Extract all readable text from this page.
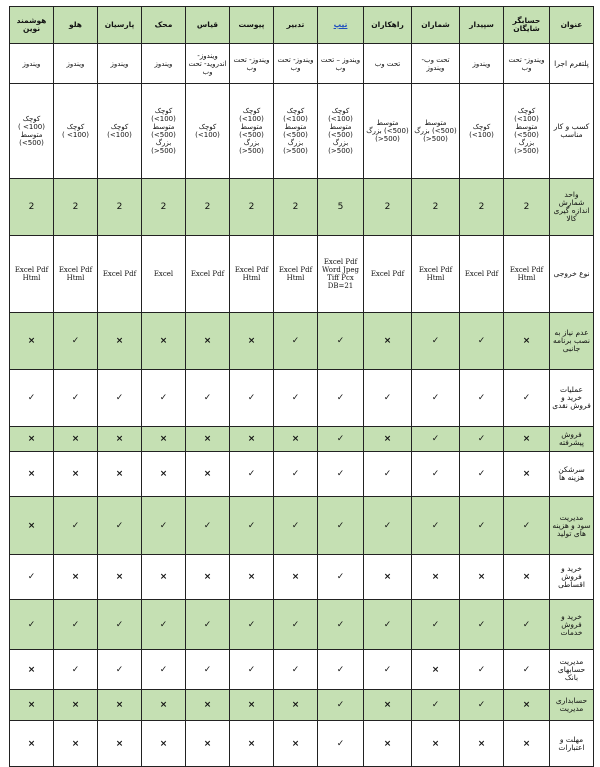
عنوان	حسابگر شایگان	سپیدار	شماران	راهکاران	تیپ	تدبیر	پیوست	قیاس	محک	پارسیان	هلو	هوشمند نوین
پلتفرم اجرا	ویندوز- تحت وب	ویندوز	تحت وب- ویندوز	تحت وب	ویندوز – تحت وب	ویندوز- تحت وب	ویندوز- تحت وب	ویندوز- اندروید- تحت وب	ویندوز	ویندوز	ویندوز	ویندوز
کسب و کار مناسب	کوچک (100>) متوسط (500>) بزرگ (500<)	کوچک (100>)	متوسط (500>) بزرگ (500<)	متوسط (500>) بزرگ (500<)	کوچک (100>) متوسط (500>) بزرگ (500<)	کوچک (100>) متوسط (500>) بزرگ (500<)	کوچک (100>) متوسط (500>) بزرگ (500<)	کوچک (100>)	کوچک (100>) متوسط (500>) بزرگ (500<)	کوچک (100>)	کوچک (100> )	کوچک (100> ) متوسط (500>)
واحد شمارش اندازه گیری کالا	2	2	2	2	5	2	2	2	2	2	2	2
نوع خروجی	Excel Pdf Html	Excel Pdf	Excel Pdf Html	Excel Pdf	Excel Pdf Word Jpeg Tiff Pcx DB=21	Excel Pdf Html	Excel Pdf Html	Excel Pdf	Excel	Excel Pdf	Excel Pdf Html	Excel Pdf Html
عدم نیاز به نصب برنامه جانبی	×	✓	✓	×	✓	✓	×	×	×	×	✓	×
عملیات خرید و فروش نقدی	✓	✓	✓	✓	✓	✓	✓	✓	✓	✓	✓	✓
فروش پیشرفته	×	✓	✓	×	✓	×	×	×	×	×	×	×
سرشکن هزینه ها	×	✓	✓	✓	✓	✓	✓	×	×	×	×	×
مدیریت سود و هزینه های تولید	✓	✓	✓	✓	✓	✓	✓	✓	✓	✓	✓	×
خرید و فروش اقساطی	×	×	×	×	✓	×	×	×	×	×	×	✓
خرید و فروش خدمات	✓	✓	✓	✓	✓	✓	✓	✓	✓	✓	✓	✓
مدیریت حسابهای بانک	✓	✓	×	✓	✓	✓	✓	✓	✓	✓	✓	×
حسابداری مدیریت	×	✓	✓	×	✓	×	×	×	×	×	×	×
مهلت و اعتبارات	×	×	×	×	✓	×	×	×	×	×	×	×
